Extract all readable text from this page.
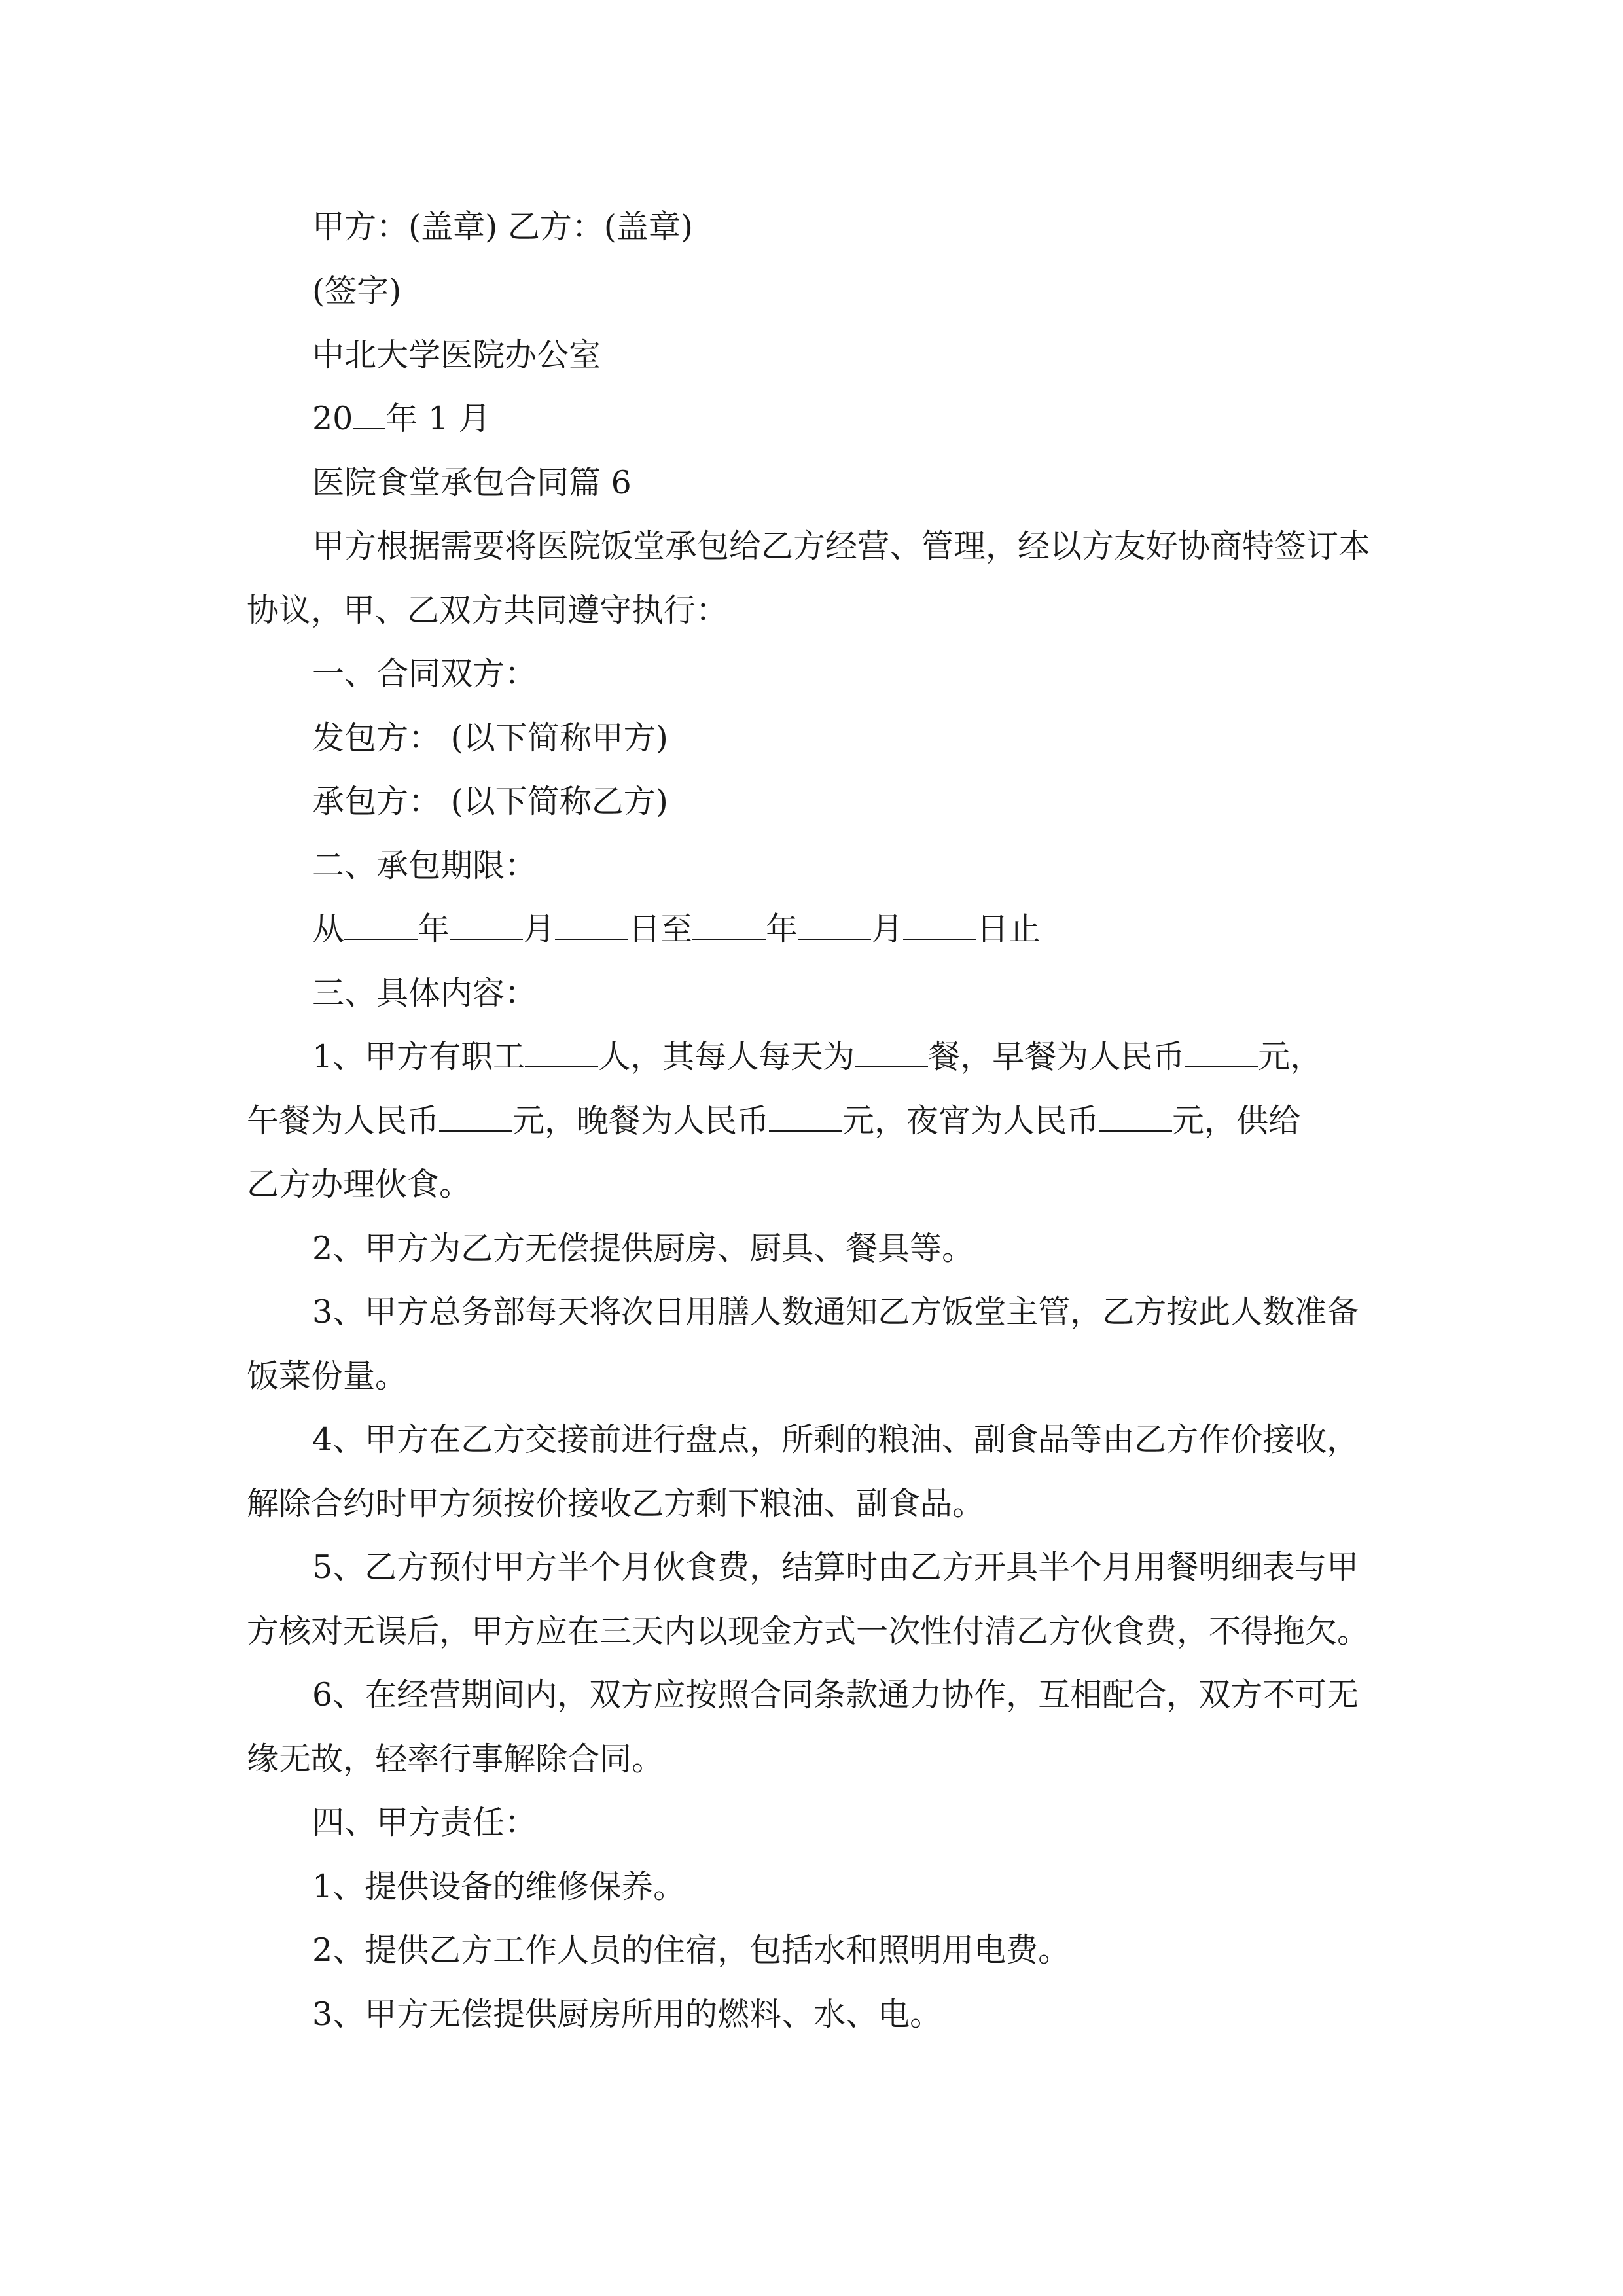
甲方：(盖章) 乙方：(盖章)

(签字)

中北大学医院办公室

20 年 1 月

医院食堂承包合同篇 6

甲方根据需要将医院饭堂承包给乙方经营、管理，经以方友好协商特签订本

协议，甲、乙双方共同遵守执行：

一、合同双方：

发包方： (以下简称甲方)

承包方： (以下简称乙方)

二、承包期限：

从 年 月 日至 年 月 日止

三、具体内容：

1、甲方有职工 人，其每人每天为 餐，早餐为人民币 元，

午餐为人民币 元，晚餐为人民币 元，夜宵为人民币 元，供给

乙方办理伙食。

2、甲方为乙方无偿提供厨房、厨具、餐具等。

3、甲方总务部每天将次日用膳人数通知乙方饭堂主管，乙方按此人数准备

饭菜份量。

4、甲方在乙方交接前进行盘点，所剩的粮油、副食品等由乙方作价接收，

解除合约时甲方须按价接收乙方剩下粮油、副食品。

5、乙方预付甲方半个月伙食费，结算时由乙方开具半个月用餐明细表与甲

方核对无误后，甲方应在三天内以现金方式一次性付清乙方伙食费，不得拖欠。

6、在经营期间内，双方应按照合同条款通力协作，互相配合，双方不可无

缘无故，轻率行事解除合同。

四、甲方责任：

1、提供设备的维修保养。

2、提供乙方工作人员的住宿，包括水和照明用电费。

3、甲方无偿提供厨房所用的燃料、水、电。
